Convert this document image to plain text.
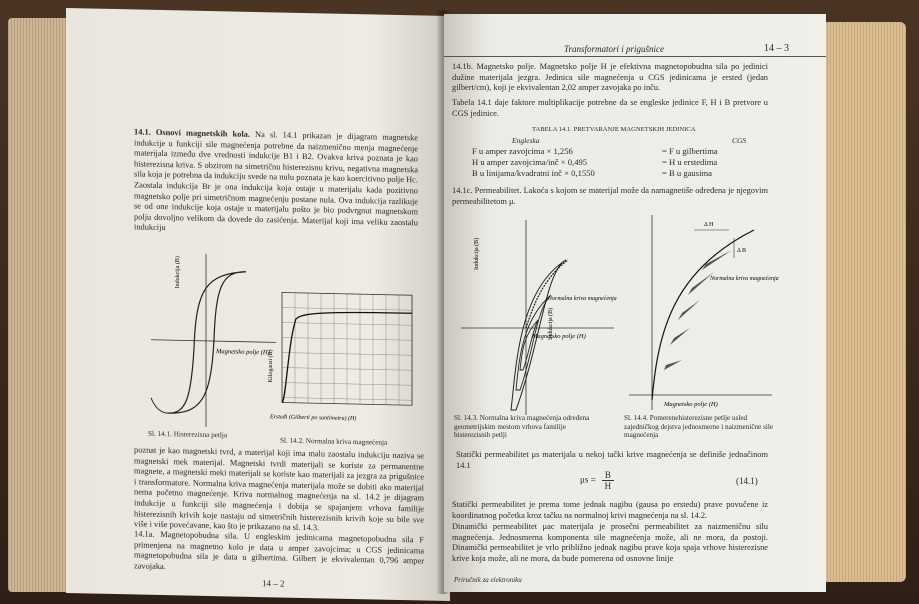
14.1. Osnovi magnetskih kola. Na sl. 14.1 prikazan je dijagram magnetske indukcije u funkciji sile magnećenja potrebne da naizmenično menja magnećenje materijala između dve vrednosti indukcije B1 i B2. Ovakva kriva poznata je kao histerezisna kriva. S obzirom na simetričnu histerezisnu krivu, negativna magnetska sila koja je potrebna da indukciju svede na nulu poznata je kao koercitivno polje Hc. Zaostala indukcija Br je ona indukcija koja ostaje u materijalu kada pozitivno magnetsko polje pri simetričnom magnećenju postane nula. Ova indukcija razlikuje se od one indukcije koja ostaje u materijalu pošto je bio podvrgnut magnetskom polju dovoljno velikom da dovede do zasićenja. Materijal koji ima veliku zaostalu indukciju

Indukcija (B)
Magnetsko polje (H)
Kilogausi (B)
Ersteđi (Gilberti po santimetru) (H)
Sl. 14.1. Histerezisna petlja
Sl. 14.2. Normalna kriva magnećenja
poznat je kao magnetski tvrd, a materijal koji ima malu zaostalu indukciju naziva se magnetski mek materijal. Magnetski tvrdi materijali se koriste za permanentne magnete, a magnetski meki materijali se koriste kao materijali za jezgra za prigušnice i transformatore. Normalna kriva magnećenja materijala može se dobiti ako materijal nema početno magnećenje. Kriva normalnog magnećenja na sl. 14.2 je dijagram indukcije u funkciji sile magnećenja i dobija se spajanjem vrhova familije histerezisnih krivih koje nastaju od simetričnih histerezisnih krivih koje su bile sve više i više povećavane, kao što je prikazano na sl. 14.3.
14.1a. Magnetopobudna sila. U engleskim jedinicama magnetopobudna sila F primenjena na magnetno kolo je data u amper zavojcima; u CGS jedinicama magnetopobudna sila je data u gilbertima. Gilbert je ekvivalentan 0,796 amper zavojaka.
14 – 2
Transformatori i prigušnice	14 – 3
14.1b. Magnetsko polje. Magnetsko polje H je efektivna magnetopobudna sila po jedinici dužine materijala jezgra. Jedinica sile magnećenja u CGS jedinicama je ersted (jedan gilbert/cm), koji je ekvivalentan 2,02 amper zavojaka po inču.
Tabela 14.1 daje faktore multiplikacije potrebne da se engleske jedinice F, H i B pretvore u CGS jedinice.
TABELA 14.1. PRETVARANJE MAGNETSKIH JEDINICA
Engleska	CGS
F u amper zavojcima × 1,256	= F u gilbertima
H u amper zavojcima/inč × 0,495	= H u erstedima
B u linijama/kvadratni inč × 0,1550	= B u gausima
14.1c. Permeabilitet. Lakoća s kojom se materijal može da namagnetiše određena je njegovim permeabilitetom μ.
Indukcija (B)
Magnetsko polje (H)
Normalna kriva magnećenja
Δ H
Δ B
Indukcija (B)
Magnetsko polje (H)
Normalna kriva magnećenja
Sl. 14.3. Normalna kriva magnećenja određena geometrijskim mestom vrhova familije histerezisnih petlji
Sl. 14.4. Pomerenehisterezisne petlje usled zajedničkog dejstva jednosmerne i naizmenične sile magnećenja
Statički permeabilitet μs materijala u nekoj tački krive magnećenja se definiše jednačinom 14.1
$\mu s = \frac{B}{H}$	(14.1)
Statički permeabilitet je prema tome jednak nagibu (gausa po erstedu) prave povučene iz koordinatnog početka kroz tačku na normalnoj krivi magnećenja na sl. 14.2.
Dinamički permeabilitet μac materijala je prosečni permeabilitet za naizmeničnu silu magnećenja. Jednosmerna komponenta sile magnećenja može, ali ne mora, da postoji. Dinamički permeabilitet je vrlo približno jednak nagibu prave koja spaja vrhove histerezisne krive koja može, ali ne mora, da bude pomerena od osnovne linije
Priručnik za elektroniku
